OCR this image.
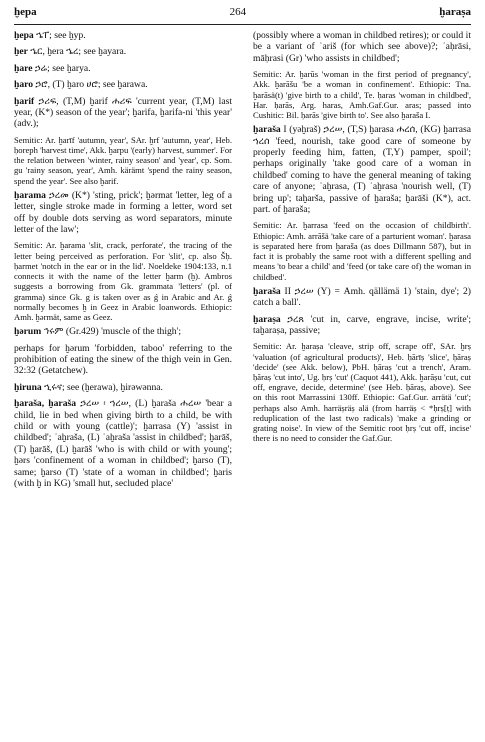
ḫepa	264	ḫaraṣa

ḫepa ኄፐ; see ḫyp.

ḫer ኄር, ḫera ኄረ; see ḫayara.

ḫare ኃሬ; see ḫarya.

ḫaro ኃሮ, (T) ḫaro ሀሮ; see ḫarawa.

ḫarif ኃሪፍ, (T,M) ḫarif ሐሪፍ 'current year, (T,M) last year, (K*) season of the year'; ḫarifa, ḫarifa-ni 'this year' (adv.);

Semitic: Ar. ḫarīf 'autumn, year', SAr. ḫrf 'autumn, year', Heb. ḥoreph 'harvest time', Akk. ḫarpu '(early) harvest, summer'. For the relation between 'winter, rainy season' and 'year', cp. Som. gu 'rainy season, year', Amh. kärämt 'spend the rainy season, spend the year'. See also ḫarif.

ḫarama ኃረመ (K*) 'sting, prick'; ḫərmat 'letter, leg of a letter, single stroke made in forming a letter, word set off by double dots serving as word separators, minute letter of the law';

Semitic: Ar. ḫarama 'slit, crack, perforate', the tracing of the letter being perceived as perforation. For 'slit', cp. also Šḥ. ḥarmet 'notch in the ear or in the lid'. Noeldeke 1904:133, n.1 connects it with the name of the letter ḫarm (ḫ). Ambros suggests a borrowing from Gk. grammata 'letters' (pl. of gramma) since Gk. g is taken over as ǵ in Arabic and Ar. ǵ normally becomes ḫ in Geez in Arabic loanwords. Ethiopic: Amh. ḫərmät, same as Geez.

ḫərum ኅሩም (Gr.429) 'muscle of the thigh';

perhaps for ḫərum 'forbidden, taboo' referring to the prohibition of eating the sinew of the thigh vein in Gen. 32:32 (Getatchew).

ḫiruna ኂሩና; see (ḫerawa), ḫirəwənna.

ḫaraša, ḫaraša ኃረሠ ፡ ኀረሠ, (L) ḫaraša ሐረሠ 'bear a child, lie in bed when giving birth to a child, be with child or with young (cattle)'; ḫarrasa (Y) 'assist in childbed'; ʾaḫraša, (L) ʾaḫraša 'assist in childbed'; ḫarāš, (T) ḫarāš, (L) ḫarāš 'who is with child or with young'; ḫərs 'confinement of a woman in childbed'; ḫarso (T), same; ḫarso (T) 'state of a woman in childbed'; ḫaris (with ḫ in KG) 'small hut, secluded place'

(possibly where a woman in childbed retires); or could it be a variant of ʿariš (for which see above)?; ʾaḥrāsi, māḥrasi (Gr) 'who assists in childbed';

Semitic: Ar. ḫarūs 'woman in the first period of pregnancy', Akk. ḫarāšu 'be a woman in confinement'. Ethiopic: Tna. ḫarāsä(t) 'give birth to a child', Te. ḥaras 'woman in childbed', Har. ḥarās, Arg. haras, Amh.Gaf.Gur. aras; passed into Cushitic: Bil. ḥarās 'give birth to'. See also ḫaraša I.

ḫaraša I (yəḫraš) ኃረሠ, (T,S) ḫarasa ሐረሰ, (KG) ḫarrasa ኀረሰ 'feed, nourish, take good care of someone by properly feeding him, fatten, (T,Y) pamper, spoil'; perhaps originally 'take good care of a woman in childbed' coming to have the general meaning of taking care of anyone; ʾaḫrasa, (T) ʾaḫrasa 'nourish well, (T) bring up'; taḫarša, passive of ḫaraša; ḫarāši (K*), act. part. of ḫaraša;

Semitic: Ar. ḫarrasa 'feed on the occasion of childbirth'. Ethiopic: Amh. arrāšä 'take care of a parturient woman'. ḫarasa is separated here from ḫaraša (as does Dillmann 587), but in fact it is probably the same root with a different spelling and means 'to bear a child' and 'feed (or take care of) the woman in childbed'.

ḫaraša II ኃረሠ (Y) = Amh. qällämä 1) 'stain, dye'; 2) catch a ball'.

ḫaraṣa ኃረጸ 'cut in, carve, engrave, incise, write'; taḫaraṣa, passive;

Semitic: Ar. ḫaraṣa 'cleave, strip off, scrape off', SAr. ḫrṣ 'valuation (of agricultural products)', Heb. ḥārīṣ 'slice', ḥāraṣ 'decide' (see Akk. below), PbH. ḥāraṣ 'cut a trench', Aram. ḥăraṣ 'cut into', Ug. ḥrṣ 'cut' (Caquot 441), Akk. ḫarāṣu 'cut, cut off, engrave, decide, determine' (see Heb. ḥāraṣ, above). See on this root Marrassini 130ff. Ethiopic: Gaf.Gur. arrätä 'cut'; perhaps also Amh. harräṣräṣ alä (from harräṣ < *ḥrṣ[ṭ] with reduplication of the last two radicals) 'make a grinding or grating noise'. In view of the Semitic root ḥrṣ 'cut off, incise' there is no need to consider the Gaf.Gur.
